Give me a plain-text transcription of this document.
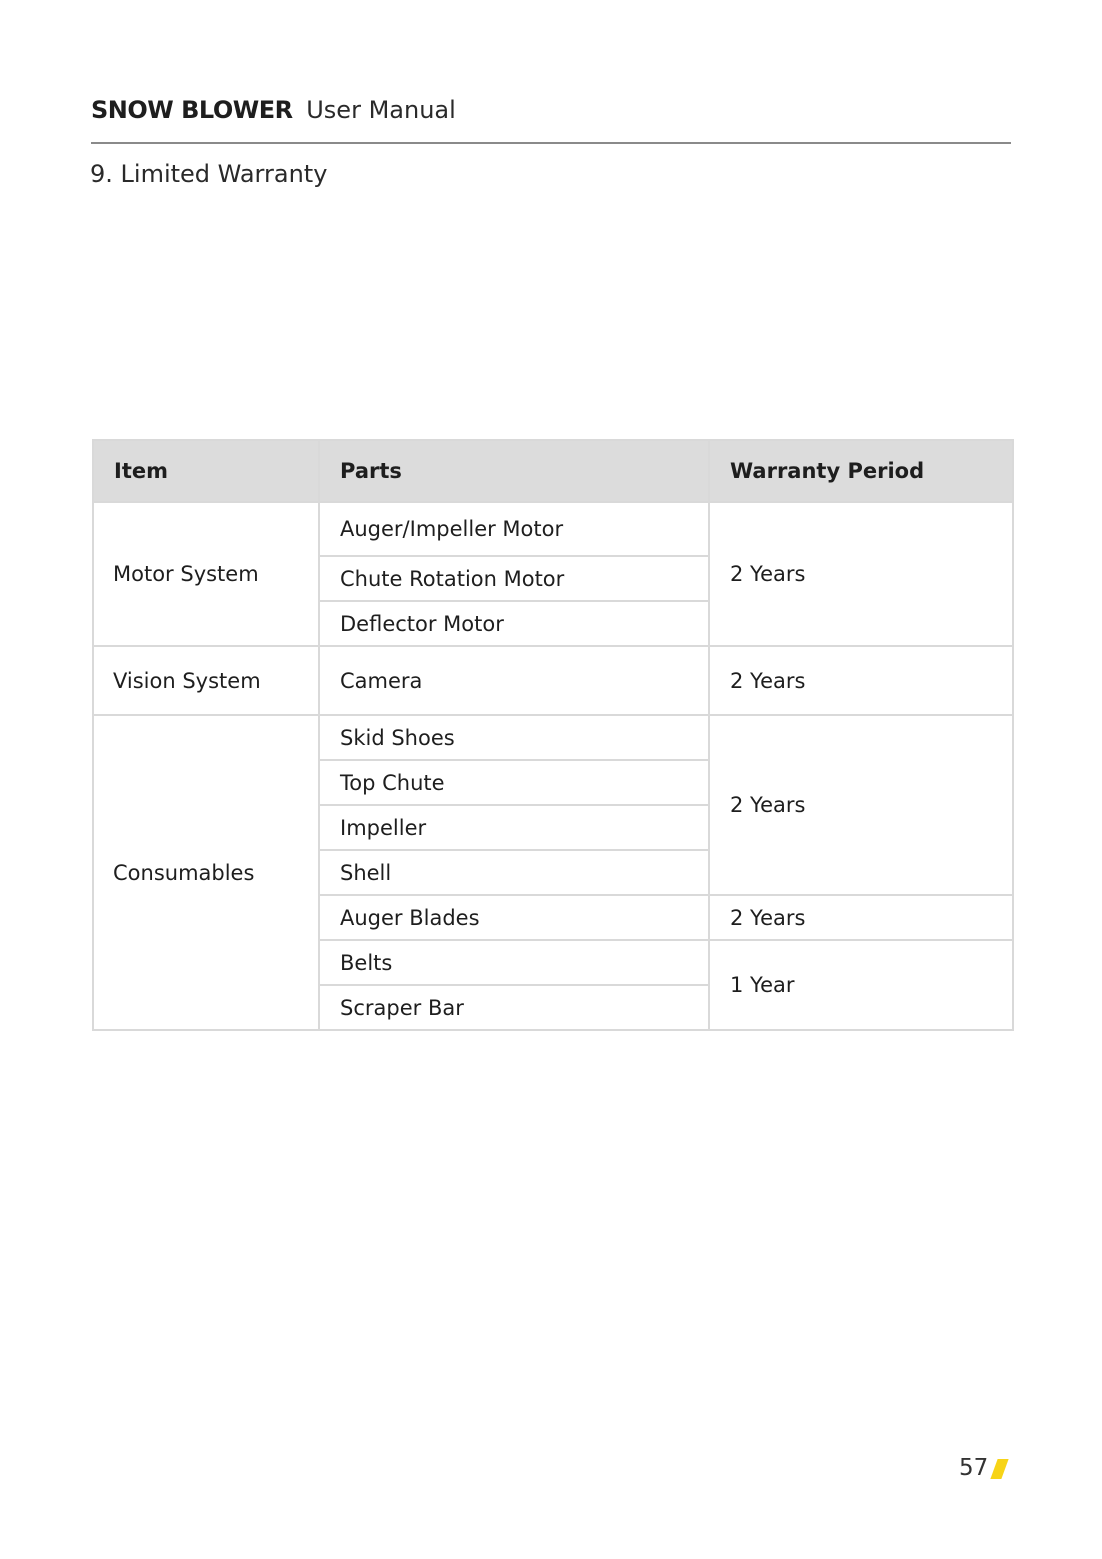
SNOW BLOWER User Manual
9. Limited Warranty
Item	Parts	Warranty Period
Motor System	Auger/Impeller Motor	2 Years
	Chute Rotation Motor	
	Deflector Motor	
Vision System	Camera	2 Years
Consumables	Skid Shoes	2 Years
	Top Chute	
	Impeller	
	Shell	
	Auger Blades	2 Years
	Belts	1 Year
	Scraper Bar	
57
